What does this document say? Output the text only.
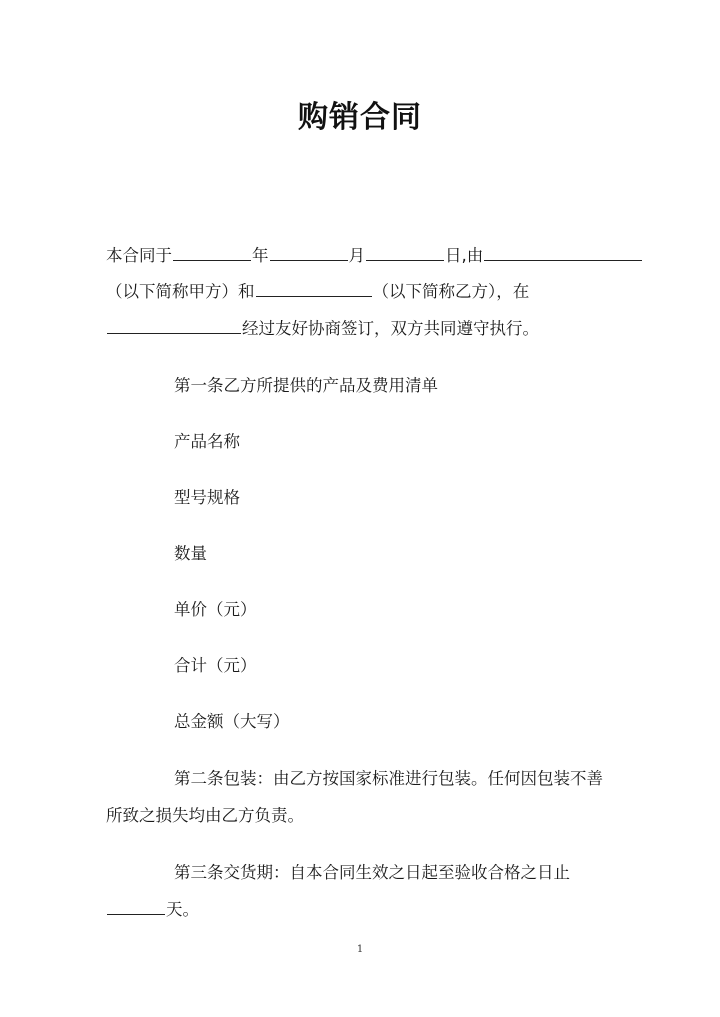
购销合同
本合同于	年	月	日,由
（以下简称甲方）和	（以下简称乙方），在
经过友好协商签订，双方共同遵守执行。
第一条乙方所提供的产品及费用清单
产品名称
型号规格
数量
单价（元）
合计（元）
总金额（大写）
第二条包装：由乙方按国家标准进行包装。任何因包装不善
所致之损失均由乙方负责。
第三条交货期：自本合同生效之日起至验收合格之日止
天。
1
